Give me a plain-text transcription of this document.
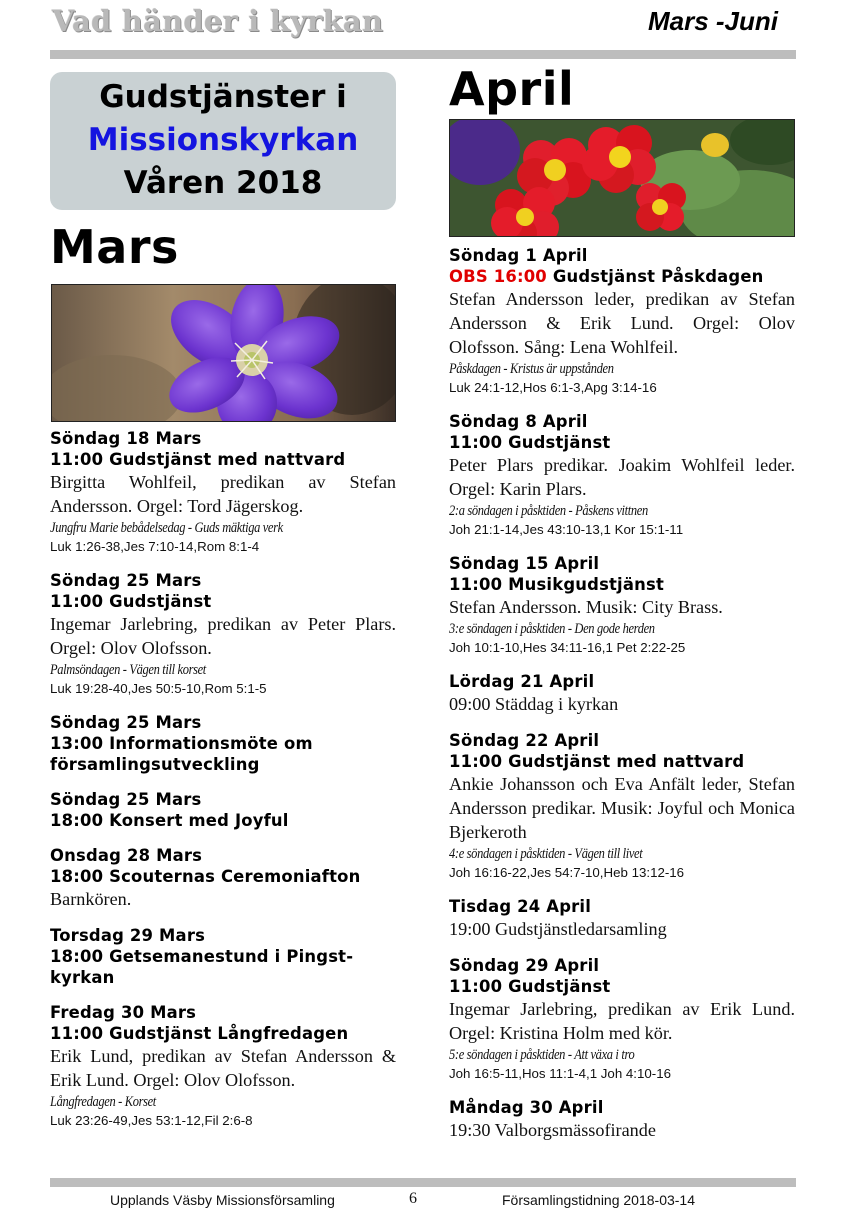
Vad händer i kyrkan	Mars -Juni
Gudstjänster i
Missionskyrkan
Våren 2018
Mars
April
Söndag 18 Mars
11:00 Gudstjänst med nattvard
Birgitta Wohlfeil, predikan av Stefan Andersson. Orgel: Tord Jägerskog.
Jungfru Marie bebådelsedag - Guds mäktiga verk
Luk 1:26-38,Jes 7:10-14,Rom 8:1-4
Söndag 25 Mars
11:00 Gudstjänst
Ingemar Jarlebring, predikan av Peter Plars. Orgel: Olov Olofsson.
Palmsöndagen - Vägen till korset
Luk 19:28-40,Jes 50:5-10,Rom 5:1-5
Söndag 25 Mars
13:00 Informationsmöte om församlingsutveckling
Söndag 25 Mars
18:00 Konsert med Joyful
Onsdag 28 Mars
18:00 Scouternas Ceremoniafton
Barnkören.
Torsdag 29 Mars
18:00 Getsemanestund i Pingst-kyrkan
Fredag 30 Mars
11:00 Gudstjänst Långfredagen
Erik Lund, predikan av Stefan Andersson & Erik Lund. Orgel: Olov Olofsson.
Långfredagen - Korset
Luk 23:26-49,Jes 53:1-12,Fil 2:6-8
Söndag 1 April
OBS 16:00 Gudstjänst Påskdagen
Stefan Andersson leder, predikan av Stefan Andersson & Erik Lund. Orgel: Olov Olofsson. Sång: Lena Wohlfeil.
Påskdagen - Kristus är uppstånden
Luk 24:1-12,Hos 6:1-3,Apg 3:14-16
Söndag 8 April
11:00 Gudstjänst
Peter Plars predikar. Joakim Wohlfeil leder. Orgel: Karin Plars.
2:a söndagen i påsktiden - Påskens vittnen
Joh 21:1-14,Jes 43:10-13,1 Kor 15:1-11
Söndag 15 April
11:00 Musikgudstjänst
Stefan Andersson. Musik: City Brass.
3:e söndagen i påsktiden - Den gode herden
Joh 10:1-10,Hes 34:11-16,1 Pet 2:22-25
Lördag 21 April
09:00 Städdag i kyrkan
Söndag 22 April
11:00 Gudstjänst med nattvard
Ankie Johansson och Eva Anfält leder, Stefan Andersson predikar. Musik: Joyful och Monica Bjerkeroth
4:e söndagen i påsktiden - Vägen till livet
Joh 16:16-22,Jes 54:7-10,Heb 13:12-16
Tisdag 24 April
19:00 Gudstjänstledarsamling
Söndag 29 April
11:00 Gudstjänst
Ingemar Jarlebring, predikan av Erik Lund. Orgel: Kristina Holm med kör.
5:e söndagen i påsktiden - Att växa i tro
Joh 16:5-11,Hos 11:1-4,1 Joh 4:10-16
Måndag 30 April
19:30 Valborgsmässofirande
Upplands Väsby Missionsförsamling	6	Församlingstidning 2018-03-14
